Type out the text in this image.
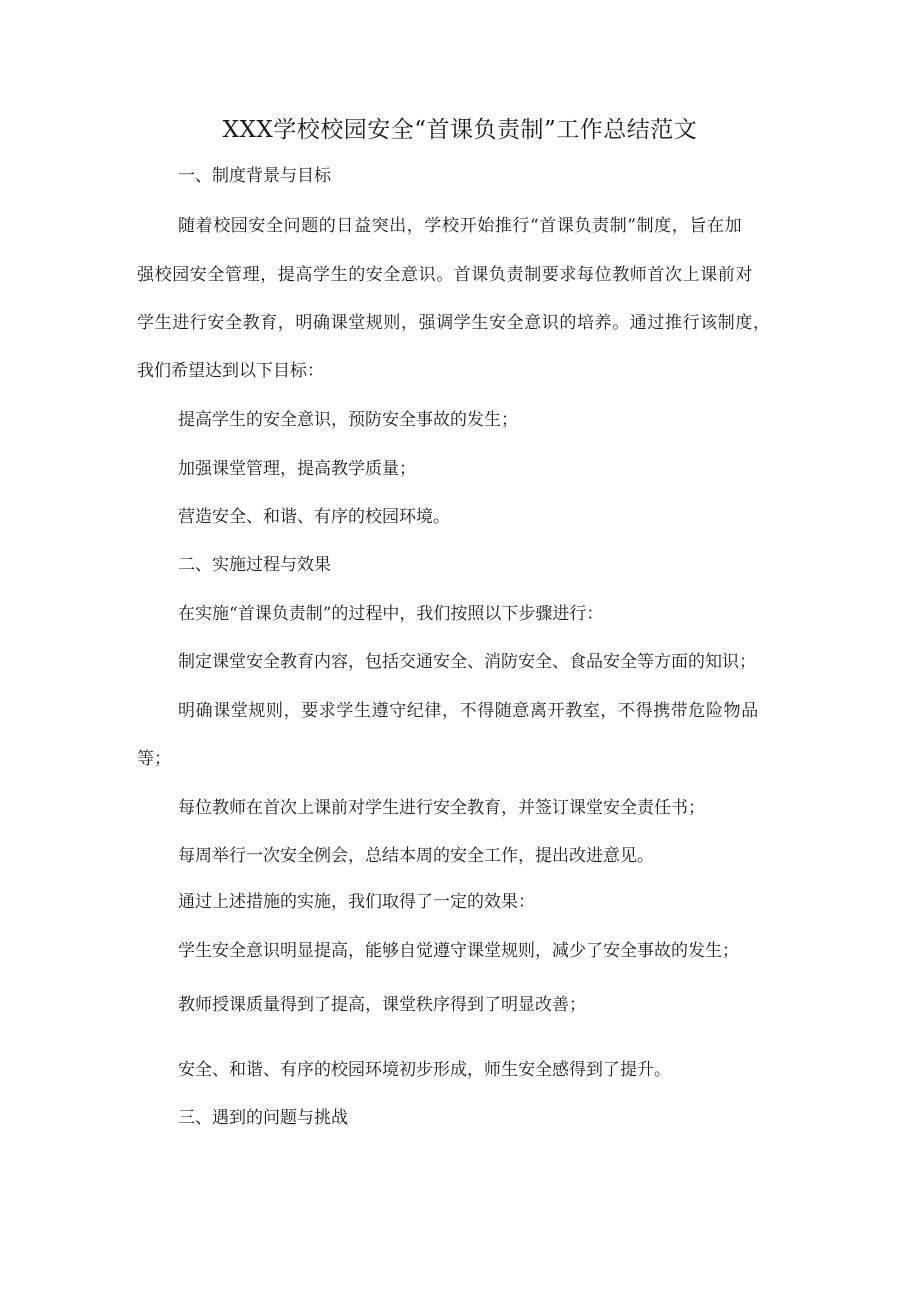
XXX学校校园安全“首课负责制”工作总结范文

一、制度背景与目标

随着校园安全问题的日益突出，学校开始推行“首课负责制”制度，旨在加

强校园安全管理，提高学生的安全意识。首课负责制要求每位教师首次上课前对

学生进行安全教育，明确课堂规则，强调学生安全意识的培养。通过推行该制度，

我们希望达到以下目标：

提高学生的安全意识，预防安全事故的发生；

加强课堂管理，提高教学质量；

营造安全、和谐、有序的校园环境。

二、实施过程与效果

在实施“首课负责制”的过程中，我们按照以下步骤进行：

制定课堂安全教育内容，包括交通安全、消防安全、食品安全等方面的知识；

明确课堂规则，要求学生遵守纪律，不得随意离开教室，不得携带危险物品

等；

每位教师在首次上课前对学生进行安全教育，并签订课堂安全责任书；

每周举行一次安全例会，总结本周的安全工作，提出改进意见。

通过上述措施的实施，我们取得了一定的效果：

学生安全意识明显提高，能够自觉遵守课堂规则，减少了安全事故的发生；

教师授课质量得到了提高，课堂秩序得到了明显改善；

安全、和谐、有序的校园环境初步形成，师生安全感得到了提升。

三、遇到的问题与挑战
